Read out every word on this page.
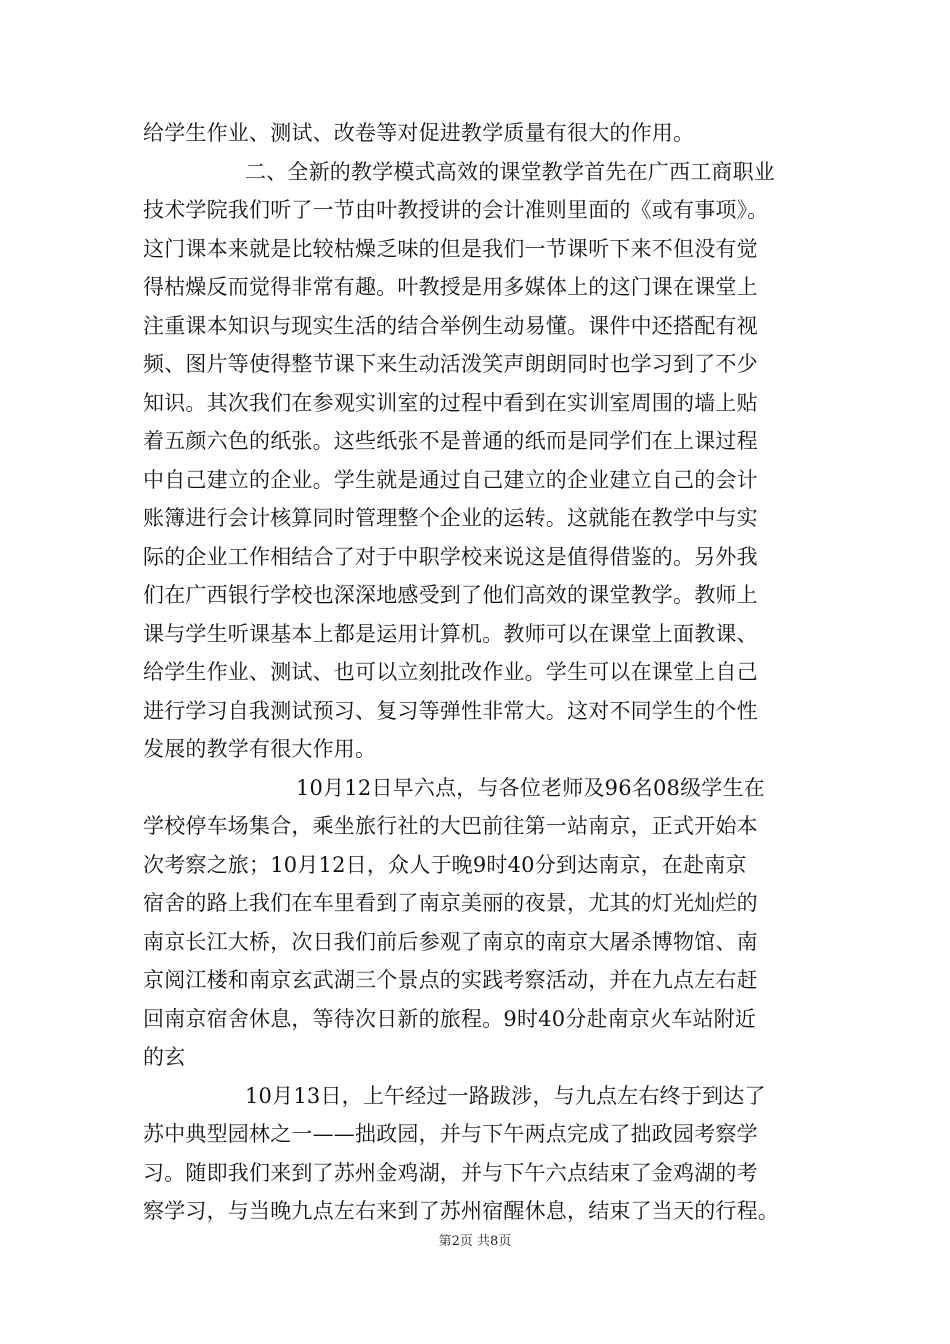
给学生作业、测试、改卷等对促进教学质量有很大的作用。
二、全新的教学模式高效的课堂教学首先在广西工商职业
技术学院我们听了一节由叶教授讲的会计准则里面的《或有事项》。
这门课本来就是比较枯燥乏味的但是我们一节课听下来不但没有觉
得枯燥反而觉得非常有趣。叶教授是用多媒体上的这门课在课堂上
注重课本知识与现实生活的结合举例生动易懂。课件中还搭配有视
频、图片等使得整节课下来生动活泼笑声朗朗同时也学习到了不少
知识。其次我们在参观实训室的过程中看到在实训室周围的墙上贴
着五颜六色的纸张。这些纸张不是普通的纸而是同学们在上课过程
中自己建立的企业。学生就是通过自己建立的企业建立自己的会计
账簿进行会计核算同时管理整个企业的运转。这就能在教学中与实
际的企业工作相结合了对于中职学校来说这是值得借鉴的。另外我
们在广西银行学校也深深地感受到了他们高效的课堂教学。教师上
课与学生听课基本上都是运用计算机。教师可以在课堂上面教课、
给学生作业、测试、也可以立刻批改作业。学生可以在课堂上自己
进行学习自我测试预习、复习等弹性非常大。这对不同学生的个性
发展的教学有很大作用。
10月12日早六点，与各位老师及96名08级学生在
学校停车场集合，乘坐旅行社的大巴前往第一站南京，正式开始本
次考察之旅；10月12日，众人于晚9时40分到达南京，在赴南京
宿舍的路上我们在车里看到了南京美丽的夜景，尤其的灯光灿烂的
南京长江大桥，次日我们前后参观了南京的南京大屠杀博物馆、南
京阅江楼和南京玄武湖三个景点的实践考察活动，并在九点左右赶
回南京宿舍休息，等待次日新的旅程。9时40分赴南京火车站附近
的玄
10月13日，上午经过一路跋涉，与九点左右终于到达了
苏中典型园林之一——拙政园，并与下午两点完成了拙政园考察学
习。随即我们来到了苏州金鸡湖，并与下午六点结束了金鸡湖的考
察学习，与当晚九点左右来到了苏州宿醒休息，结束了当天的行程。
第2页 共8页
